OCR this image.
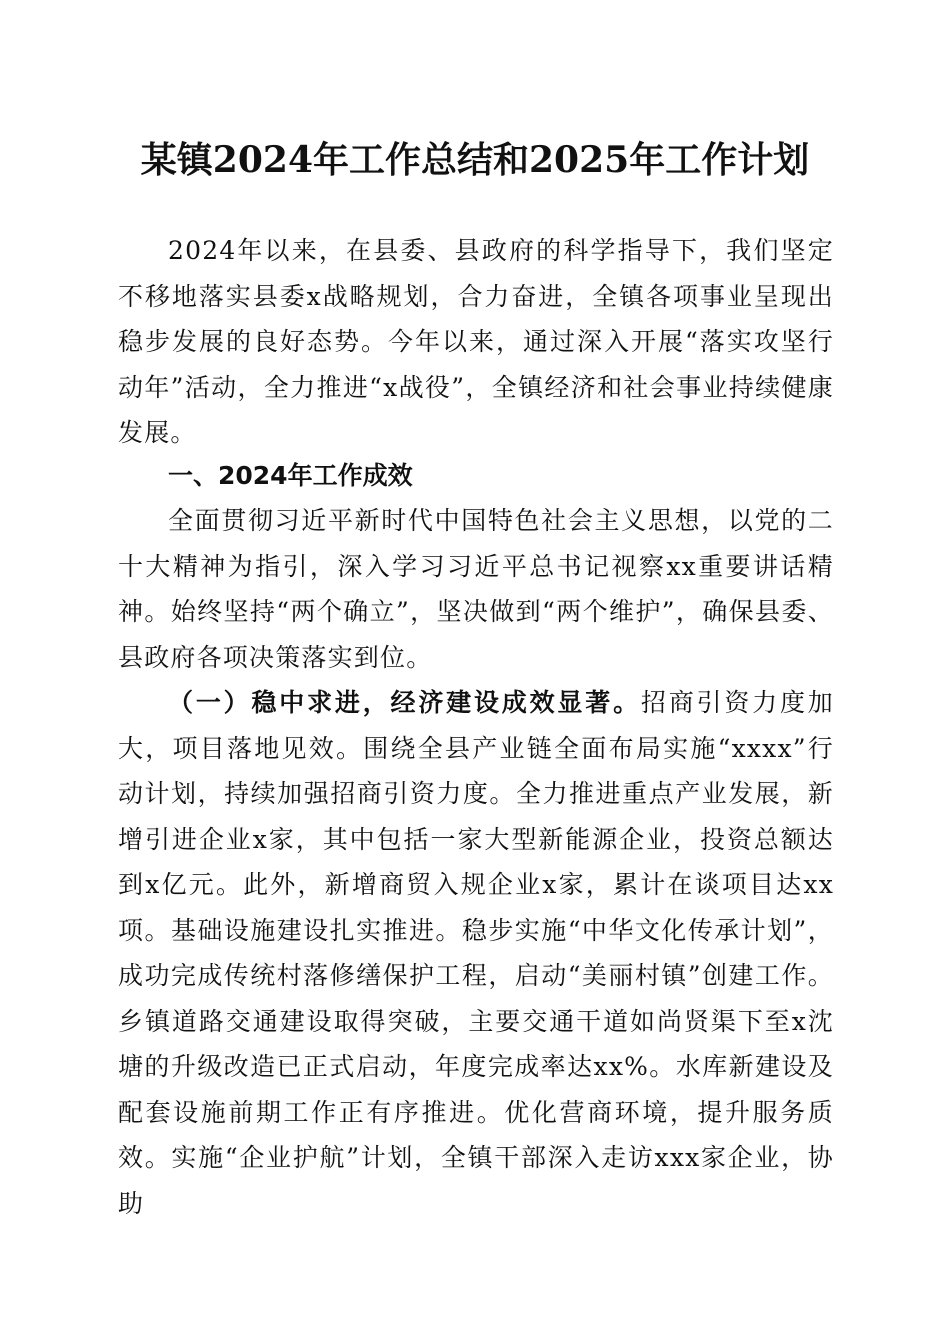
某镇2024年工作总结和2025年工作计划

2024年以来，在县委、县政府的科学指导下，我们坚定不移地落实县委x战略规划，合力奋进，全镇各项事业呈现出稳步发展的良好态势。今年以来，通过深入开展“落实攻坚行动年”活动，全力推进“x战役”，全镇经济和社会事业持续健康发展。

一、2024年工作成效

全面贯彻习近平新时代中国特色社会主义思想，以党的二十大精神为指引，深入学习习近平总书记视察xx重要讲话精神。始终坚持“两个确立”，坚决做到“两个维护”，确保县委、县政府各项决策落实到位。

（一）稳中求进，经济建设成效显著。招商引资力度加大，项目落地见效。围绕全县产业链全面布局实施“xxxx”行动计划，持续加强招商引资力度。全力推进重点产业发展，新增引进企业x家，其中包括一家大型新能源企业，投资总额达到x亿元。此外，新增商贸入规企业x家，累计在谈项目达xx项。基础设施建设扎实推进。稳步实施“中华文化传承计划”，成功完成传统村落修缮保护工程，启动“美丽村镇”创建工作。乡镇道路交通建设取得突破，主要交通干道如尚贤渠下至x沈塘的升级改造已正式启动，年度完成率达xx%。水库新建设及配套设施前期工作正有序推进。优化营商环境，提升服务质效。实施“企业护航”计划，全镇干部深入走访xxx家企业，协助
